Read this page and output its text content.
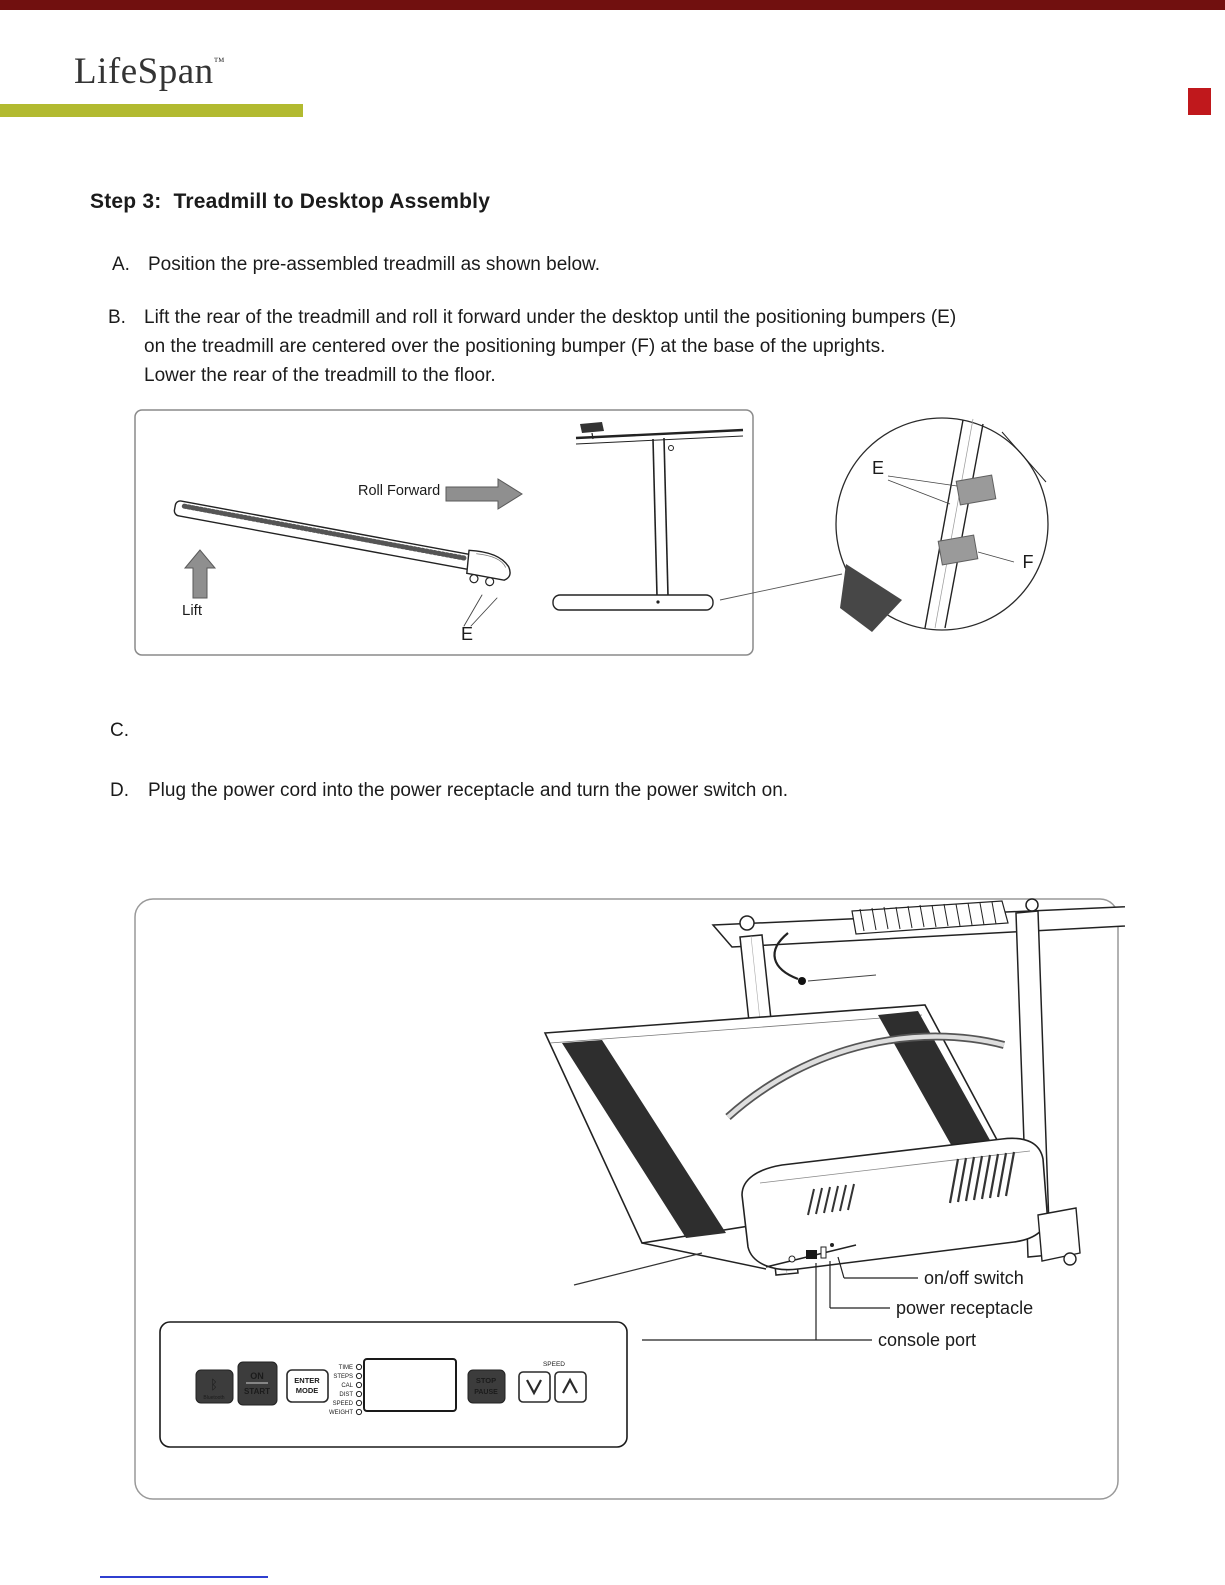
LifeSpan™
Step 3:  Treadmill to Desktop Assembly
A. Position the pre-assembled treadmill as shown below.
B. Lift the rear of the treadmill and roll it forward under the desktop until the positioning bumpers (E)
on the treadmill are centered over the positioning bumper (F) at the base of the uprights.
Lower the rear of the treadmill to the floor.
C.
D.	Plug the power cord into the power receptacle and turn the power switch on.
Lift
Roll Forward
E
E
F
on/off switch
power receptacle
console port
ᛒ
Bluetooth
ON
START
ENTER
MODE
TIME
STEPS
CAL
DIST
SPEED
WEIGHT
STOP
PAUSE
SPEED
